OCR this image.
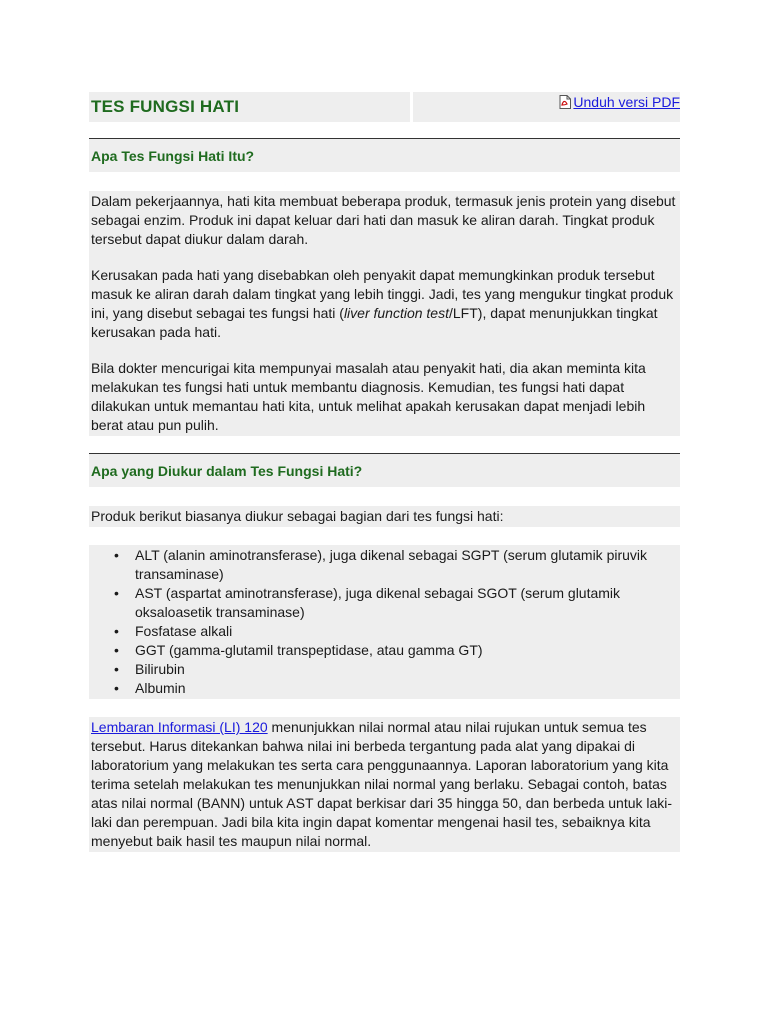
TES FUNGSI HATI	Unduh versi PDF
Apa Tes Fungsi Hati Itu?

Dalam pekerjaannya, hati kita membuat beberapa produk, termasuk jenis protein yang disebut sebagai enzim. Produk ini dapat keluar dari hati dan masuk ke aliran darah. Tingkat produk tersebut dapat diukur dalam darah.

Kerusakan pada hati yang disebabkan oleh penyakit dapat memungkinkan produk tersebut masuk ke aliran darah dalam tingkat yang lebih tinggi. Jadi, tes yang mengukur tingkat produk ini, yang disebut sebagai tes fungsi hati (liver function test/LFT), dapat menunjukkan tingkat kerusakan pada hati.

Bila dokter mencurigai kita mempunyai masalah atau penyakit hati, dia akan meminta kita melakukan tes fungsi hati untuk membantu diagnosis. Kemudian, tes fungsi hati dapat dilakukan untuk memantau hati kita, untuk melihat apakah kerusakan dapat menjadi lebih berat atau pun pulih.

Apa yang Diukur dalam Tes Fungsi Hati?

Produk berikut biasanya diukur sebagai bagian dari tes fungsi hati:

• ALT (alanin aminotransferase), juga dikenal sebagai SGPT (serum glutamik piruvik transaminase)
• AST (aspartat aminotransferase), juga dikenal sebagai SGOT (serum glutamik oksaloasetik transaminase)
• Fosfatase alkali
• GGT (gamma-glutamil transpeptidase, atau gamma GT)
• Bilirubin
• Albumin

Lembaran Informasi (LI) 120 menunjukkan nilai normal atau nilai rujukan untuk semua tes tersebut. Harus ditekankan bahwa nilai ini berbeda tergantung pada alat yang dipakai di laboratorium yang melakukan tes serta cara penggunaannya. Laporan laboratorium yang kita terima setelah melakukan tes menunjukkan nilai normal yang berlaku. Sebagai contoh, batas atas nilai normal (BANN) untuk AST dapat berkisar dari 35 hingga 50, dan berbeda untuk laki-laki dan perempuan. Jadi bila kita ingin dapat komentar mengenai hasil tes, sebaiknya kita menyebut baik hasil tes maupun nilai normal.
